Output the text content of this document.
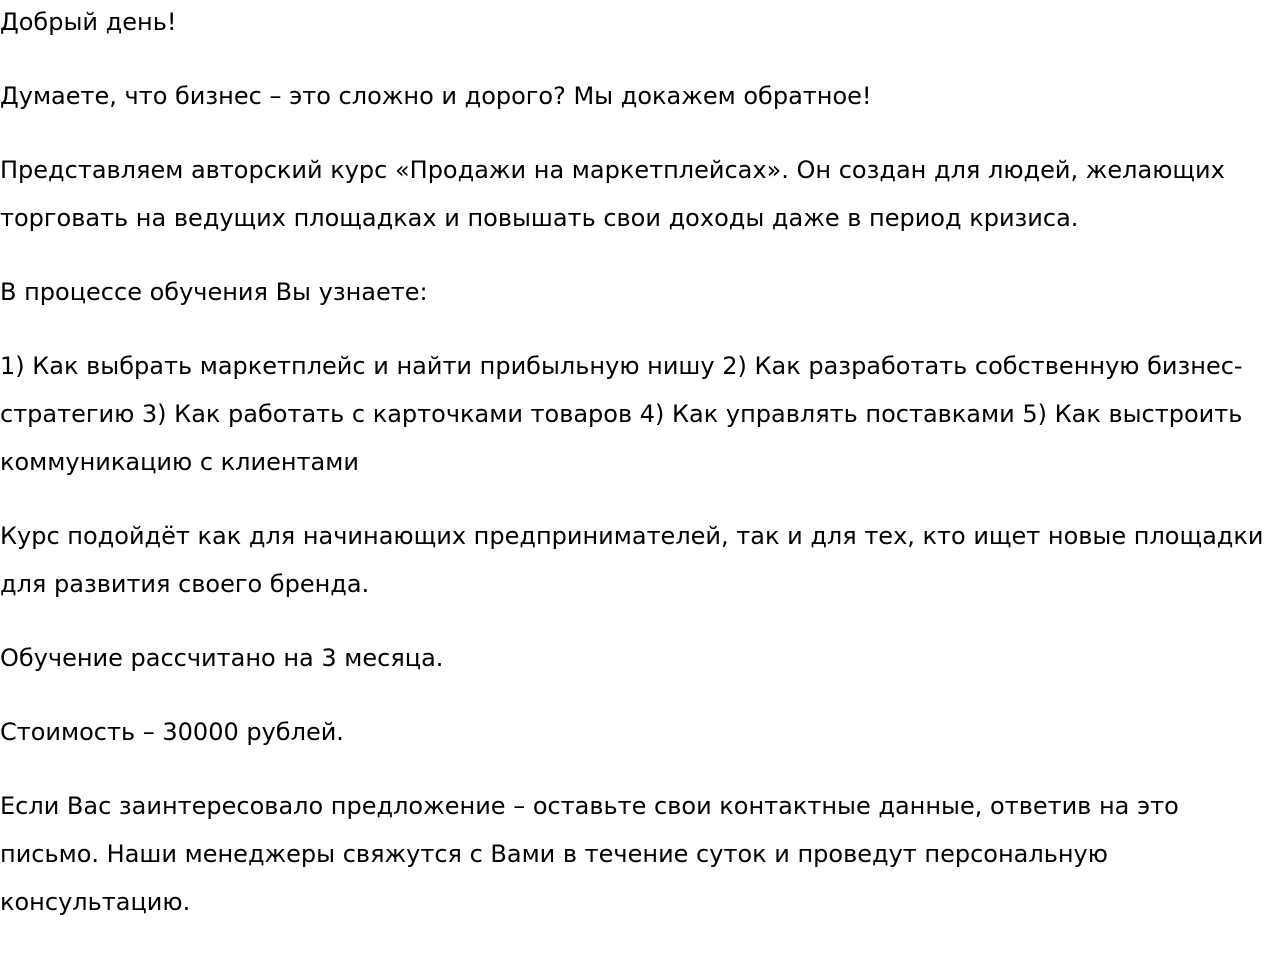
Добрый день!

Думаете, что бизнес – это сложно и дорого? Мы докажем обратное!

Представляем авторский курс «Продажи на маркетплейсах». Он создан для людей, желающих торговать на ведущих площадках и повышать свои доходы даже в период кризиса.

В процессе обучения Вы узнаете:

1) Как выбрать маркетплейс и найти прибыльную нишу 2) Как разработать собственную бизнес-стратегию 3) Как работать с карточками товаров 4) Как управлять поставками 5) Как выстроить коммуникацию с клиентами

Курс подойдёт как для начинающих предпринимателей, так и для тех, кто ищет новые площадки для развития своего бренда.

Обучение рассчитано на 3 месяца.

Стоимость – 30000 рублей.

Если Вас заинтересовало предложение – оставьте свои контактные данные, ответив на это письмо. Наши менеджеры свяжутся с Вами в течение суток и проведут персональную консультацию.
